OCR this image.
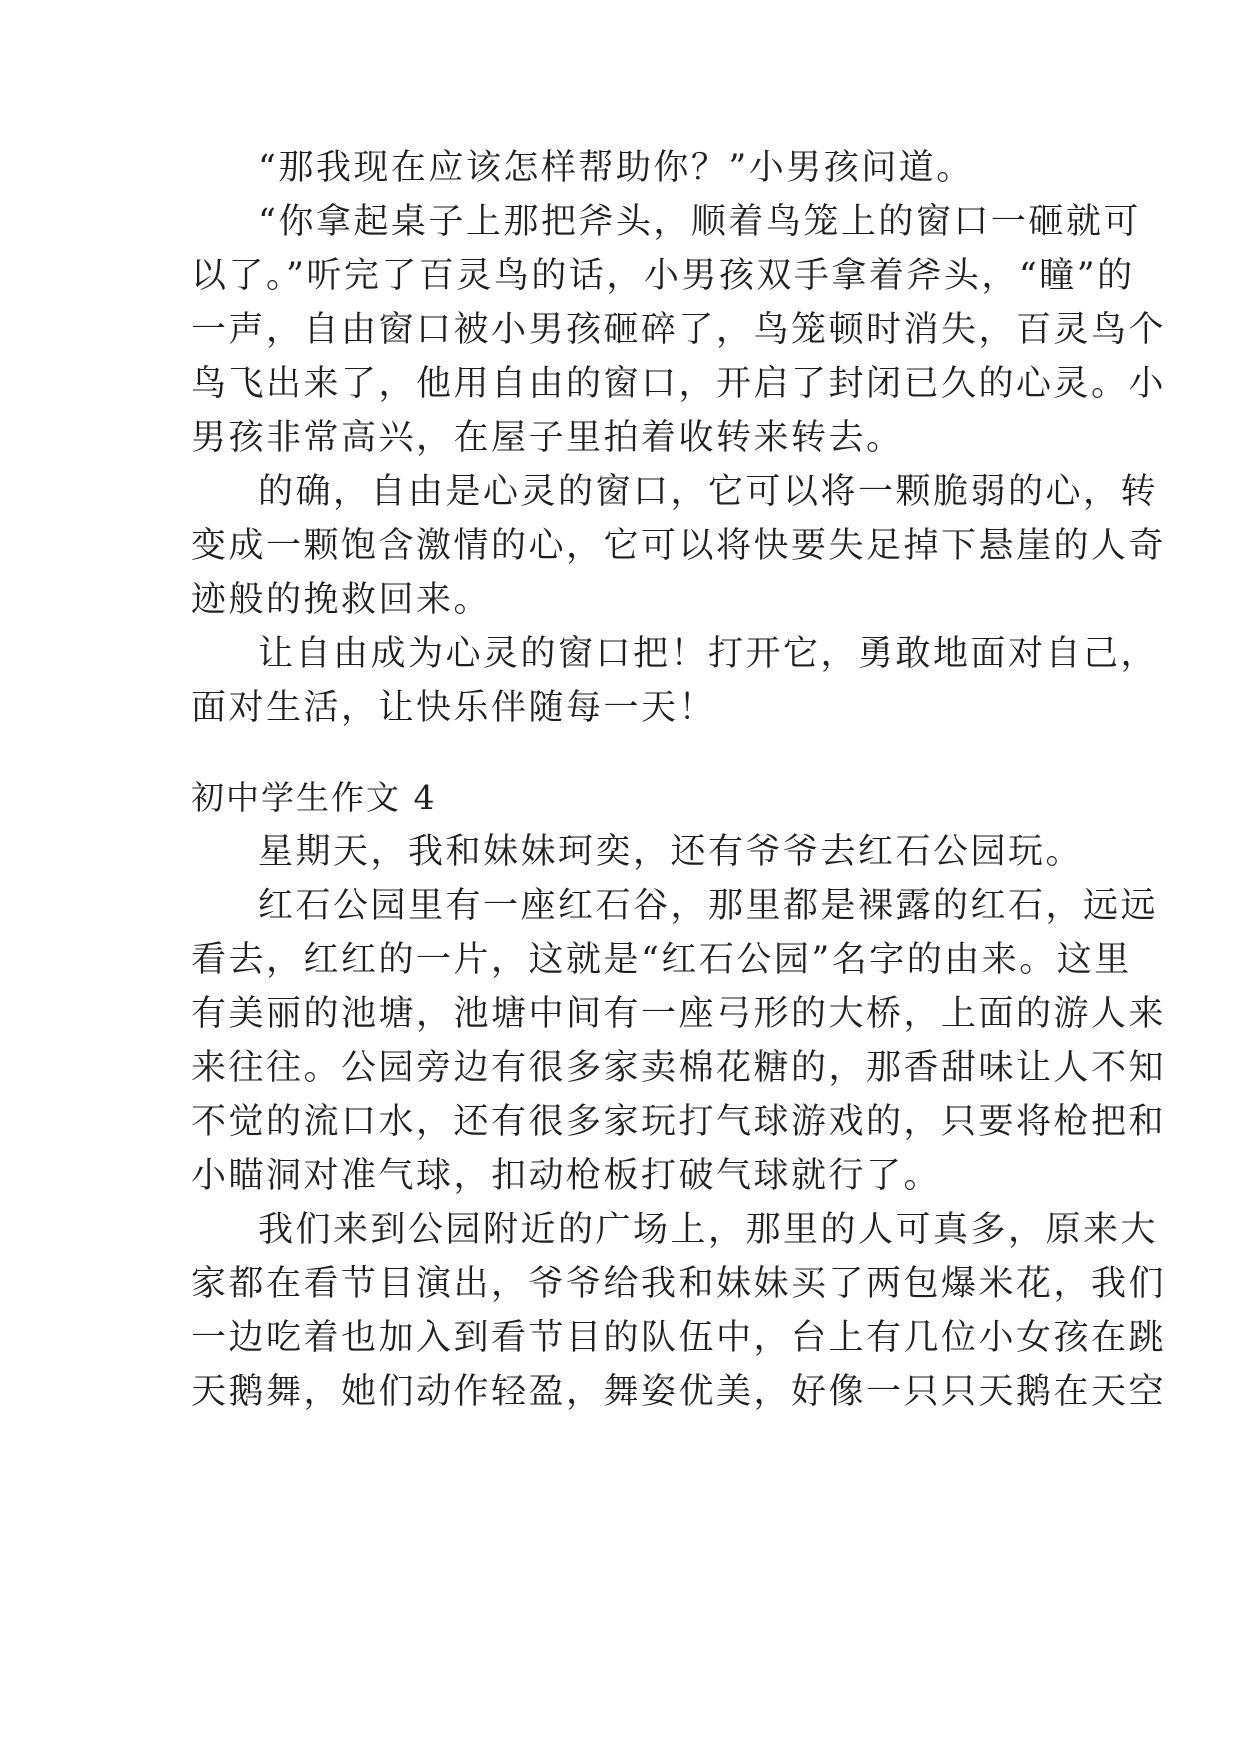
“那我现在应该怎样帮助你？”小男孩问道。
“你拿起桌子上那把斧头，顺着鸟笼上的窗口一砸就可
以了。”听完了百灵鸟的话，小男孩双手拿着斧头，“瞳”的
一声，自由窗口被小男孩砸碎了，鸟笼顿时消失，百灵鸟个
鸟飞出来了，他用自由的窗口，开启了封闭已久的心灵。小
男孩非常高兴，在屋子里拍着收转来转去。
的确，自由是心灵的窗口，它可以将一颗脆弱的心，转
变成一颗饱含激情的心，它可以将快要失足掉下悬崖的人奇
迹般的挽救回来。
让自由成为心灵的窗口把！打开它，勇敢地面对自己，
面对生活，让快乐伴随每一天！
初中学生作文 4
星期天，我和妹妹珂奕，还有爷爷去红石公园玩。
红石公园里有一座红石谷，那里都是裸露的红石，远远
看去，红红的一片，这就是“红石公园”名字的由来。这里
有美丽的池塘，池塘中间有一座弓形的大桥，上面的游人来
来往往。公园旁边有很多家卖棉花糖的，那香甜味让人不知
不觉的流口水，还有很多家玩打气球游戏的，只要将枪把和
小瞄洞对准气球，扣动枪板打破气球就行了。
我们来到公园附近的广场上，那里的人可真多，原来大
家都在看节目演出，爷爷给我和妹妹买了两包爆米花，我们
一边吃着也加入到看节目的队伍中，台上有几位小女孩在跳
天鹅舞，她们动作轻盈，舞姿优美，好像一只只天鹅在天空
